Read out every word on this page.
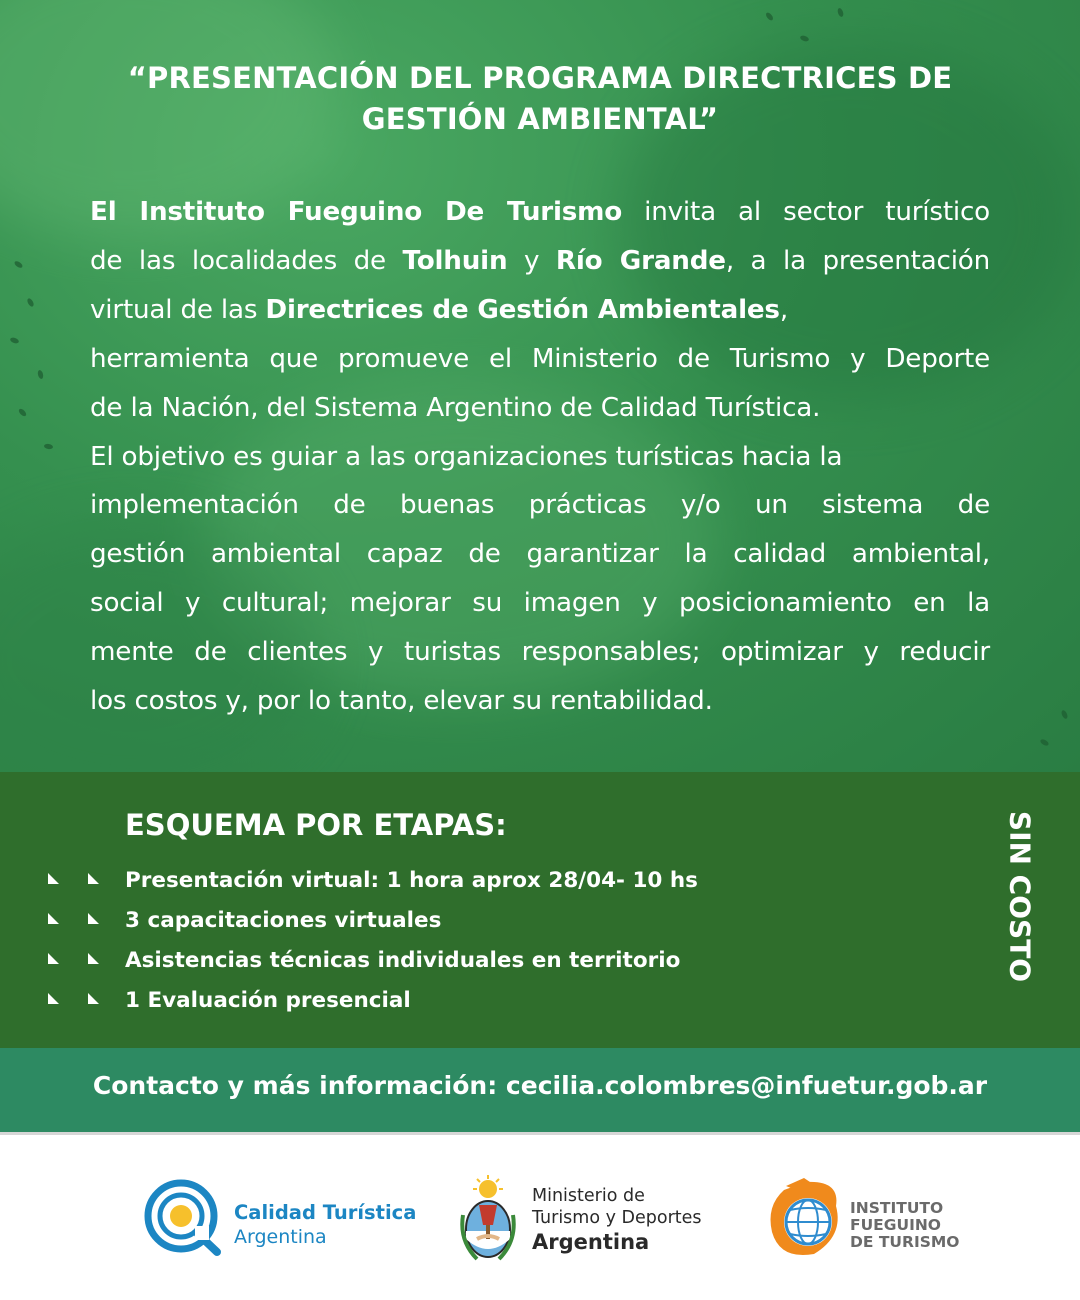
“PRESENTACIÓN DEL PROGRAMA DIRECTRICES DE
GESTIÓN AMBIENTAL”
El Instituto Fueguino De Turismo invita al sector turístico
de las localidades de Tolhuin y Río Grande, a la presentación
virtual de las Directrices de Gestión Ambientales,
herramienta que promueve el Ministerio de Turismo y Deporte
de la Nación, del Sistema Argentino de Calidad Turística.
El objetivo es guiar a las organizaciones turísticas hacia la
implementación de buenas prácticas y/o un sistema de
gestión ambiental capaz de garantizar la calidad ambiental,
social y cultural; mejorar su imagen y posicionamiento en la
mente de clientes y turistas responsables; optimizar y reducir
los costos y, por lo tanto, elevar su rentabilidad.
ESQUEMA POR ETAPAS:
Presentación virtual: 1 hora aprox 28/04- 10 hs
3 capacitaciones virtuales
Asistencias técnicas individuales en territorio
1 Evaluación presencial
SIN COSTO

Contacto y más información: cecilia.colombres@infuetur.gob.ar

Calidad Turística
Argentina
Ministerio de
Turismo y Deportes
Argentina
INSTITUTO
FUEGUINO
DE TURISMO
